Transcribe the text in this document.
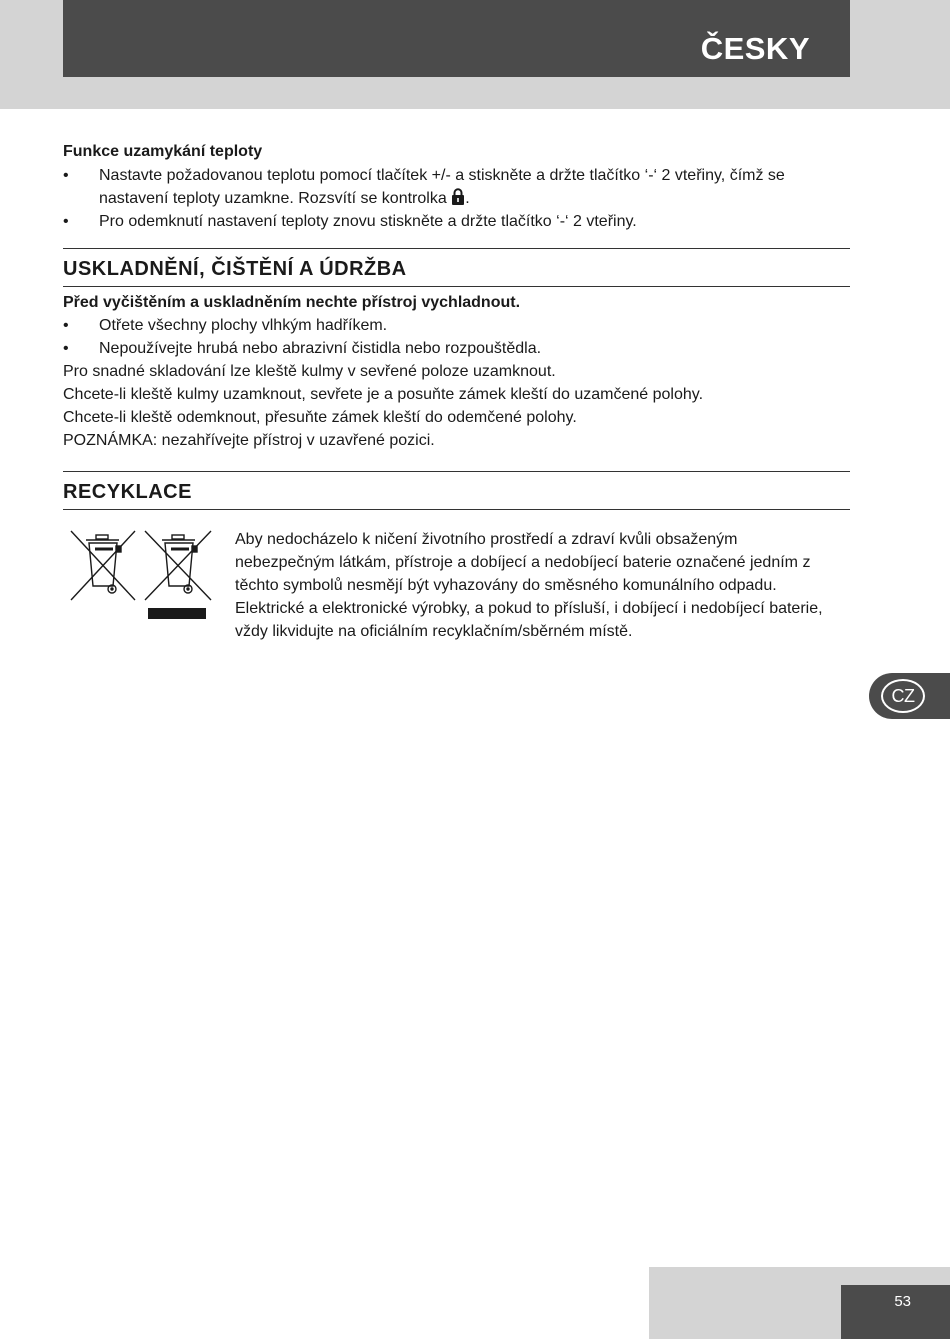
ČESKY
Funkce uzamykání teploty
• Nastavte požadovanou teplotu pomocí tlačítek +/- a stiskněte a držte tlačítko ‘-‘ 2 vteřiny, čímž se nastavení teploty uzamkne. Rozsvítí se kontrolka .
• Pro odemknutí nastavení teploty znovu stiskněte a držte tlačítko ‘-‘ 2 vteřiny.
USKLADNĚNÍ, ČIŠTĚNÍ A ÚDRŽBA
Před vyčištěním a uskladněním nechte přístroj vychladnout.
• Otřete všechny plochy vlhkým hadříkem.
• Nepoužívejte hrubá nebo abrazivní čistidla nebo rozpouštědla.
Pro snadné skladování lze kleště kulmy v sevřené poloze uzamknout.
Chcete-li kleště kulmy uzamknout, sevřete je a posuňte zámek kleští do uzamčené polohy.
Chcete-li kleště odemknout, přesuňte zámek kleští do odemčené polohy.
POZNÁMKA: nezahřívejte přístroj v uzavřené pozici.
RECYKLACE
Aby nedocházelo k ničení životního prostředí a zdraví kvůli obsaženým nebezpečným látkám, přístroje a dobíjecí a nedobíjecí baterie označené jedním z těchto symbolů nesmějí být vyhazovány do směsného komunálního odpadu. Elektrické a elektronické výrobky, a pokud to přísluší, i dobíjecí i nedobíjecí baterie, vždy likvidujte na oficiálním recyklačním/sběrném místě.
CZ
53
